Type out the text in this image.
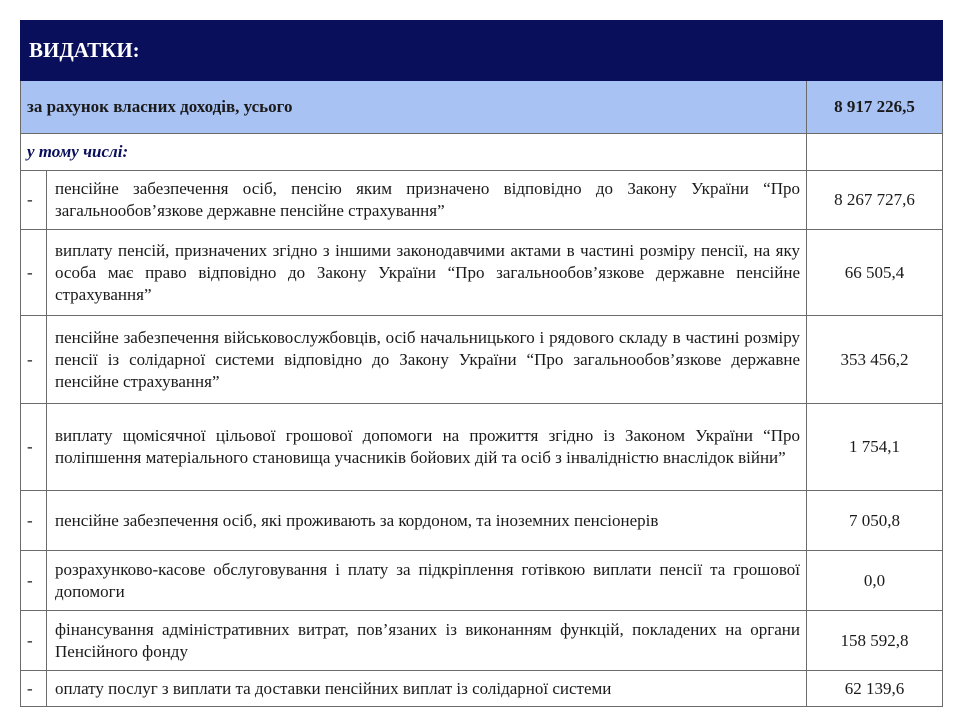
ВИДАТКИ:		
за рахунок власних доходів, усього		8 917 226,5
у тому числі:		
-	пенсійне забезпечення осіб, пенсію яким призначено відповідно до Закону України “Про загальнообов’язкове державне пенсійне страхування”	8 267 727,6
-	виплату пенсій, призначених згідно з іншими законодавчими актами в частині розміру пенсії, на яку особа має право відповідно до Закону України “Про загальнообов’язкове державне пенсійне страхування”	66 505,4
-	пенсійне забезпечення військовослужбовців, осіб начальницького і рядового складу в частині розміру пенсії із солідарної системи відповідно до Закону України “Про загальнообов’язкове державне пенсійне страхування”	353 456,2
-	виплату щомісячної цільової грошової допомоги на прожиття згідно із Законом України “Про поліпшення матеріального становища учасників бойових дій та осіб з інвалідністю внаслідок війни”	1 754,1
-	пенсійне забезпечення осіб, які проживають за кордоном, та іноземних пенсіонерів	7 050,8
-	розрахунково-касове обслуговування і плату за підкріплення готівкою виплати пенсії та грошової допомоги	0,0
-	фінансування адміністративних витрат, пов’язаних із виконанням функцій, покладених на органи Пенсійного фонду	158 592,8
-	оплату послуг з виплати та доставки пенсійних виплат із солідарної системи	62 139,6
